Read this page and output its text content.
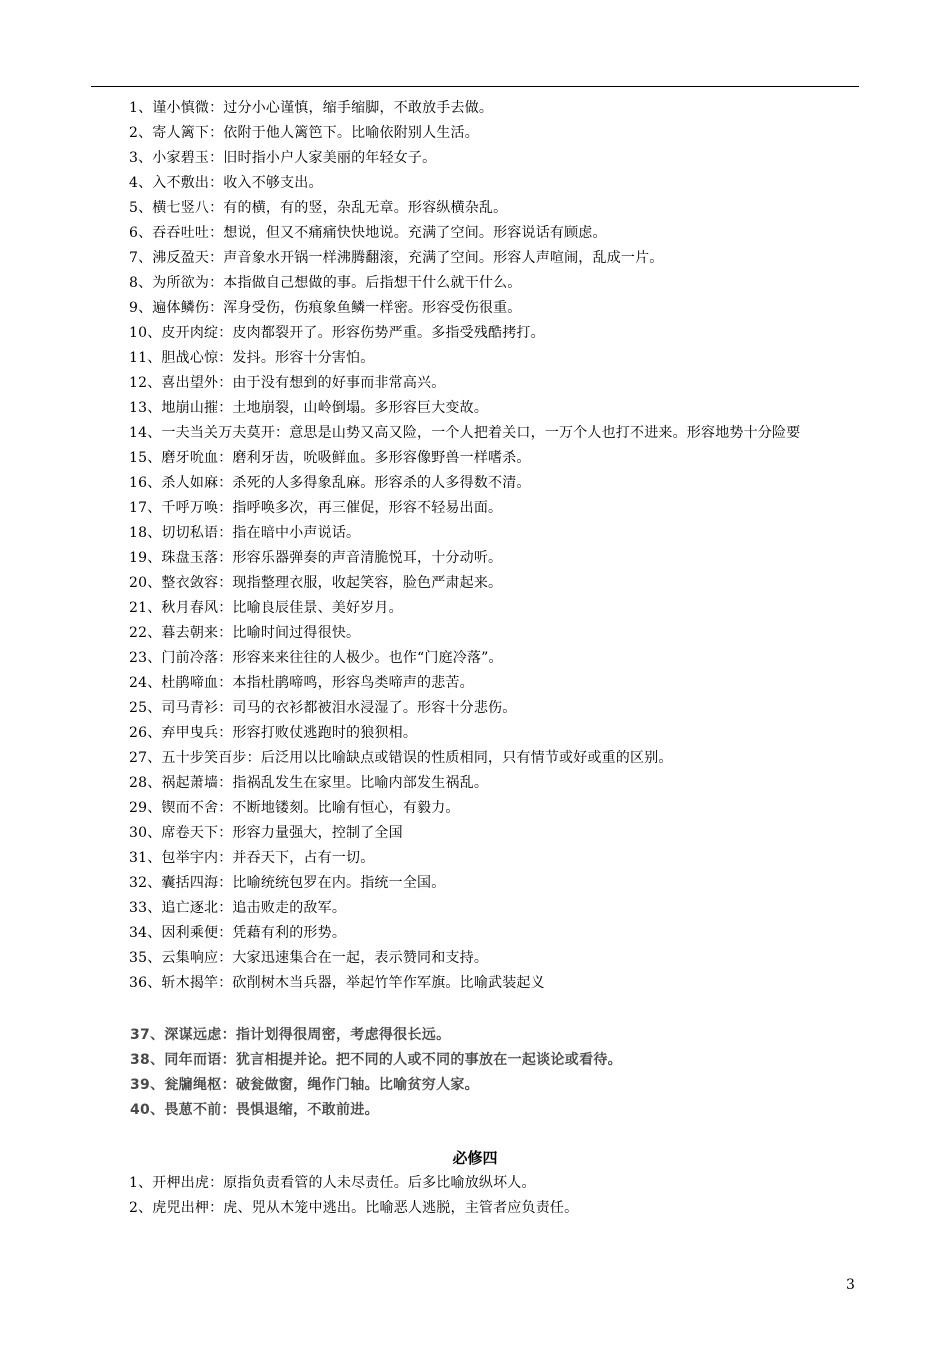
1、谨小慎微：过分小心谨慎，缩手缩脚，不敢放手去做。
2、寄人篱下：依附于他人篱笆下。比喻依附别人生活。
3、小家碧玉：旧时指小户人家美丽的年轻女子。
4、入不敷出：收入不够支出。
5、横七竖八：有的横，有的竖，杂乱无章。形容纵横杂乱。
6、吞吞吐吐：想说，但又不痛痛快快地说。充满了空间。形容说话有顾虑。
7、沸反盈天：声音象水开锅一样沸腾翻滚，充满了空间。形容人声喧闹，乱成一片。
8、为所欲为：本指做自己想做的事。后指想干什么就干什么。
9、遍体鳞伤：浑身受伤，伤痕象鱼鳞一样密。形容受伤很重。
10、皮开肉绽：皮肉都裂开了。形容伤势严重。多指受残酷拷打。
11、胆战心惊：发抖。形容十分害怕。
12、喜出望外：由于没有想到的好事而非常高兴。
13、地崩山摧：土地崩裂，山岭倒塌。多形容巨大变故。
14、一夫当关万夫莫开：意思是山势又高又险，一个人把着关口，一万个人也打不进来。形容地势十分险要
15、磨牙吮血：磨利牙齿，吮吸鲜血。多形容像野兽一样嗜杀。
16、杀人如麻：杀死的人多得象乱麻。形容杀的人多得数不清。
17、千呼万唤：指呼唤多次，再三催促，形容不轻易出面。
18、切切私语：指在暗中小声说话。
19、珠盘玉落：形容乐器弹奏的声音清脆悦耳，十分动听。
20、整衣敛容：现指整理衣服，收起笑容，脸色严肃起来。
21、秋月春风：比喻良辰佳景、美好岁月。
22、暮去朝来：比喻时间过得很快。
23、门前冷落：形容来来往往的人极少。也作“门庭冷落”。
24、杜鹃啼血：本指杜鹃啼鸣，形容鸟类啼声的悲苦。
25、司马青衫：司马的衣衫都被泪水浸湿了。形容十分悲伤。
26、弃甲曳兵：形容打败仗逃跑时的狼狈相。
27、五十步笑百步：后泛用以比喻缺点或错误的性质相同，只有情节或好或重的区别。
28、祸起萧墙：指祸乱发生在家里。比喻内部发生祸乱。
29、锲而不舍：不断地镂刻。比喻有恒心，有毅力。
30、席卷天下：形容力量强大，控制了全国
31、包举宇内：并吞天下，占有一切。
32、囊括四海：比喻统统包罗在内。指统一全国。
33、追亡逐北：追击败走的敌军。
34、因利乘便：凭藉有利的形势。
35、云集响应：大家迅速集合在一起，表示赞同和支持。
36、斩木揭竿：砍削树木当兵器，举起竹竿作军旗。比喻武装起义
37、深谋远虑：指计划得很周密，考虑得很长远。
38、同年而语：犹言相提并论。把不同的人或不同的事放在一起谈论或看待。
39、瓮牖绳枢：破瓮做窗，绳作门轴。比喻贫穷人家。
40、畏葸不前：畏惧退缩，不敢前进。
必修四
1、开柙出虎：原指负责看管的人未尽责任。后多比喻放纵坏人。
2、虎兕出柙：虎、兕从木笼中逃出。比喻恶人逃脱，主管者应负责任。
3
